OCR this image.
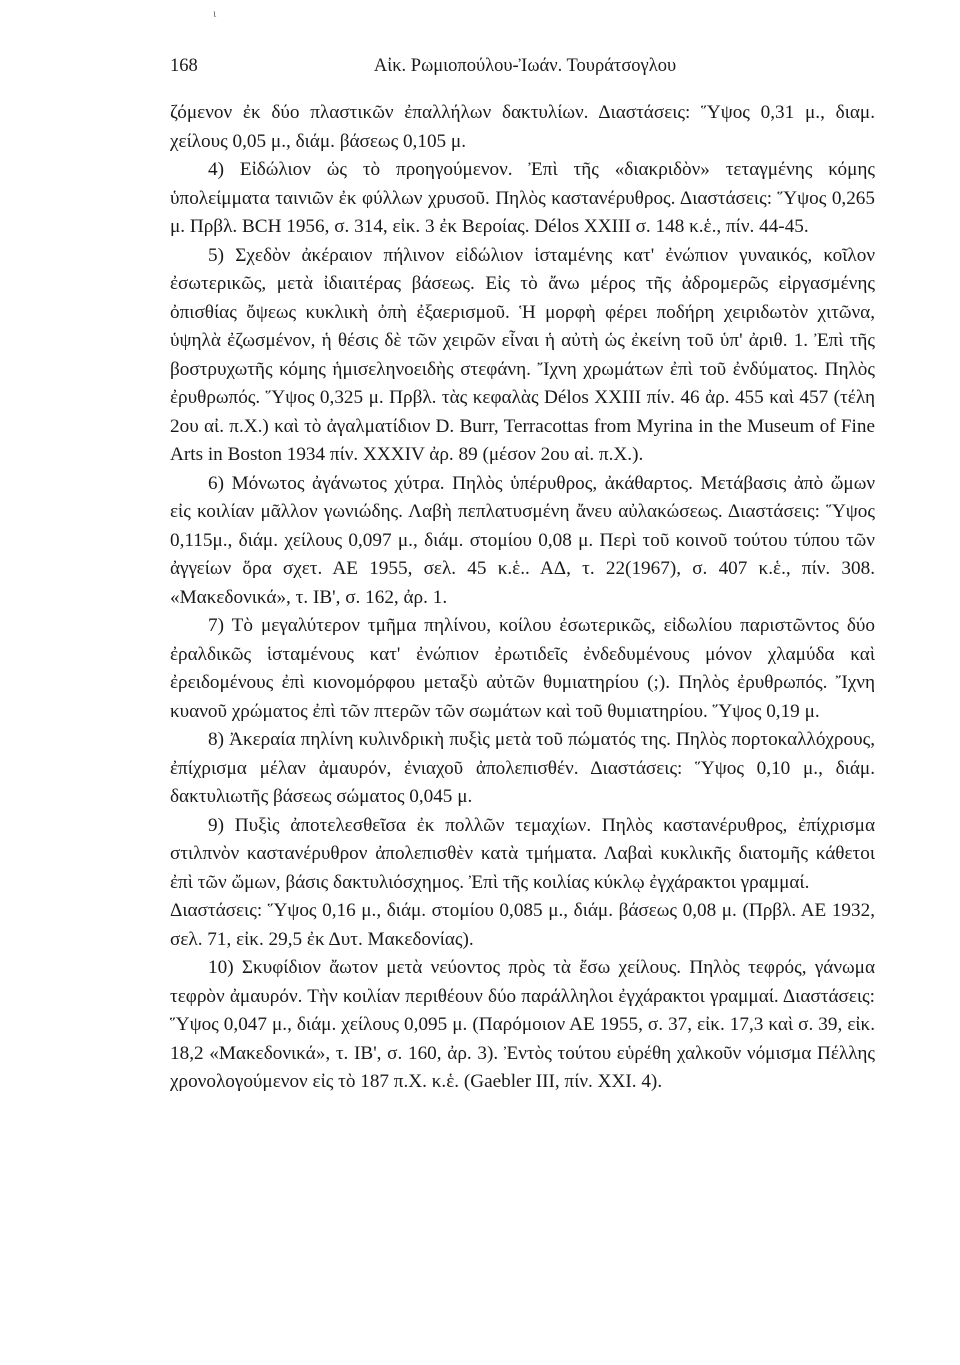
ι
168	Αἰκ. Ρωμιοπούλου-Ἰωάν. Τουράτσογλου

ζόμενον ἐκ δύο πλαστικῶν ἐπαλλήλων δακτυλίων. Διαστάσεις: Ὕψος 0,31 μ., διαμ. χείλους 0,05 μ., διάμ. βάσεως 0,105 μ.

4) Εἰδώλιον ὡς τὸ προηγούμενον. Ἐπὶ τῆς «διακριδὸν» τεταγμένης κόμης ὑπολείμματα ταινιῶν ἐκ φύλλων χρυσοῦ. Πηλὸς καστανέρυθρος. Διαστάσεις: Ὕψος 0,265 μ. Πρβλ. BCH 1956, σ. 314, εἰκ. 3 ἐκ Βεροίας. Délos XXIII σ. 148 κ.ἑ., πίν. 44-45.

5) Σχεδὸν ἀκέραιον πήλινον εἰδώλιον ἱσταμένης κατ' ἐνώπιον γυναικός, κοῖλον ἐσωτερικῶς, μετὰ ἰδιαιτέρας βάσεως. Εἰς τὸ ἄνω μέρος τῆς ἀδρομερῶς εἰργασμένης ὀπισθίας ὄψεως κυκλικὴ ὀπὴ ἐξαερισμοῦ. Ἡ μορφὴ φέρει ποδήρη χειριδωτὸν χιτῶνα, ὑψηλὰ ἐζωσμένον, ἡ θέσις δὲ τῶν χειρῶν εἶναι ἡ αὐτὴ ὡς ἐκείνη τοῦ ὑπ' ἀριθ. 1. Ἐπὶ τῆς βοστρυχωτῆς κόμης ἡμισεληνοειδὴς στεφάνη. Ἴχνη χρωμάτων ἐπὶ τοῦ ἐνδύματος. Πηλὸς ἐρυθρωπός. Ὕψος 0,325 μ. Πρβλ. τὰς κεφαλὰς Délos XXIII πίν. 46 ἀρ. 455 καὶ 457 (τέλη 2ου αἰ. π.Χ.) καὶ τὸ ἀγαλματίδιον D. Burr, Terracottas from Myrina in the Museum of Fine Arts in Boston 1934 πίν. XXXIV ἀρ. 89 (μέσον 2ου αἰ. π.Χ.).

6) Μόνωτος ἀγάνωτος χύτρα. Πηλὸς ὑπέρυθρος, ἀκάθαρτος. Μετάβασις ἀπὸ ὤμων εἰς κοιλίαν μᾶλλον γωνιώδης. Λαβὴ πεπλατυσμένη ἄνευ αὐλακώσεως. Διαστάσεις: Ὕψος 0,115μ., διάμ. χείλους 0,097 μ., διάμ. στομίου 0,08 μ. Περὶ τοῦ κοινοῦ τούτου τύπου τῶν ἀγγείων ὅρα σχετ. ΑΕ 1955, σελ. 45 κ.ἑ.. ΑΔ, τ. 22(1967), σ. 407 κ.ἑ., πίν. 308. «Μακεδονικά», τ. ΙΒ', σ. 162, ἀρ. 1.

7) Τὸ μεγαλύτερον τμῆμα πηλίνου, κοίλου ἐσωτερικῶς, εἰδωλίου παριστῶντος δύο ἐραλδικῶς ἱσταμένους κατ' ἐνώπιον ἐρωτιδεῖς ἐνδεδυμένους μόνον χλαμύδα καὶ ἐρειδομένους ἐπὶ κιονομόρφου μεταξὺ αὐτῶν θυμιατηρίου (;). Πηλὸς ἐρυθρωπός. Ἴχνη κυανοῦ χρώματος ἐπὶ τῶν πτερῶν τῶν σωμάτων καὶ τοῦ θυμιατηρίου. Ὕψος 0,19 μ.

8) Ἀκεραία πηλίνη κυλινδρικὴ πυξὶς μετὰ τοῦ πώματός της. Πηλὸς πορτοκαλλόχρους, ἐπίχρισμα μέλαν ἀμαυρόν, ἐνιαχοῦ ἀπολεπισθέν. Διαστάσεις: Ὕψος 0,10 μ., διάμ. δακτυλιωτῆς βάσεως σώματος 0,045 μ.

9) Πυξὶς ἀποτελεσθεῖσα ἐκ πολλῶν τεμαχίων. Πηλὸς καστανέρυθρος, ἐπίχρισμα στιλπνὸν καστανέρυθρον ἀπολεπισθὲν κατὰ τμήματα. Λαβαὶ κυκλικῆς διατομῆς κάθετοι ἐπὶ τῶν ὤμων, βάσις δακτυλιόσχημος. Ἐπὶ τῆς κοιλίας κύκλῳ ἐγχάρακτοι γραμμαί.

Διαστάσεις: Ὕψος 0,16 μ., διάμ. στομίου 0,085 μ., διάμ. βάσεως 0,08 μ. (Πρβλ. ΑΕ 1932, σελ. 71, εἰκ. 29,5 ἐκ Δυτ. Μακεδονίας).

10) Σκυφίδιον ἄωτον μετὰ νεύοντος πρὸς τὰ ἔσω χείλους. Πηλὸς τεφρός, γάνωμα τεφρὸν ἀμαυρόν. Τὴν κοιλίαν περιθέουν δύο παράλληλοι ἐγχάρακτοι γραμμαί. Διαστάσεις: Ὕψος 0,047 μ., διάμ. χείλους 0,095 μ. (Παρόμοιον ΑΕ 1955, σ. 37, εἰκ. 17,3 καὶ σ. 39, εἰκ. 18,2 «Μακεδονικά», τ. ΙΒ', σ. 160, ἀρ. 3). Ἐντὸς τούτου εὑρέθη χαλκοῦν νόμισμα Πέλλης χρονολογούμενον εἰς τὸ 187 π.Χ. κ.ἑ. (Gaebler III, πίν. XXI. 4).
